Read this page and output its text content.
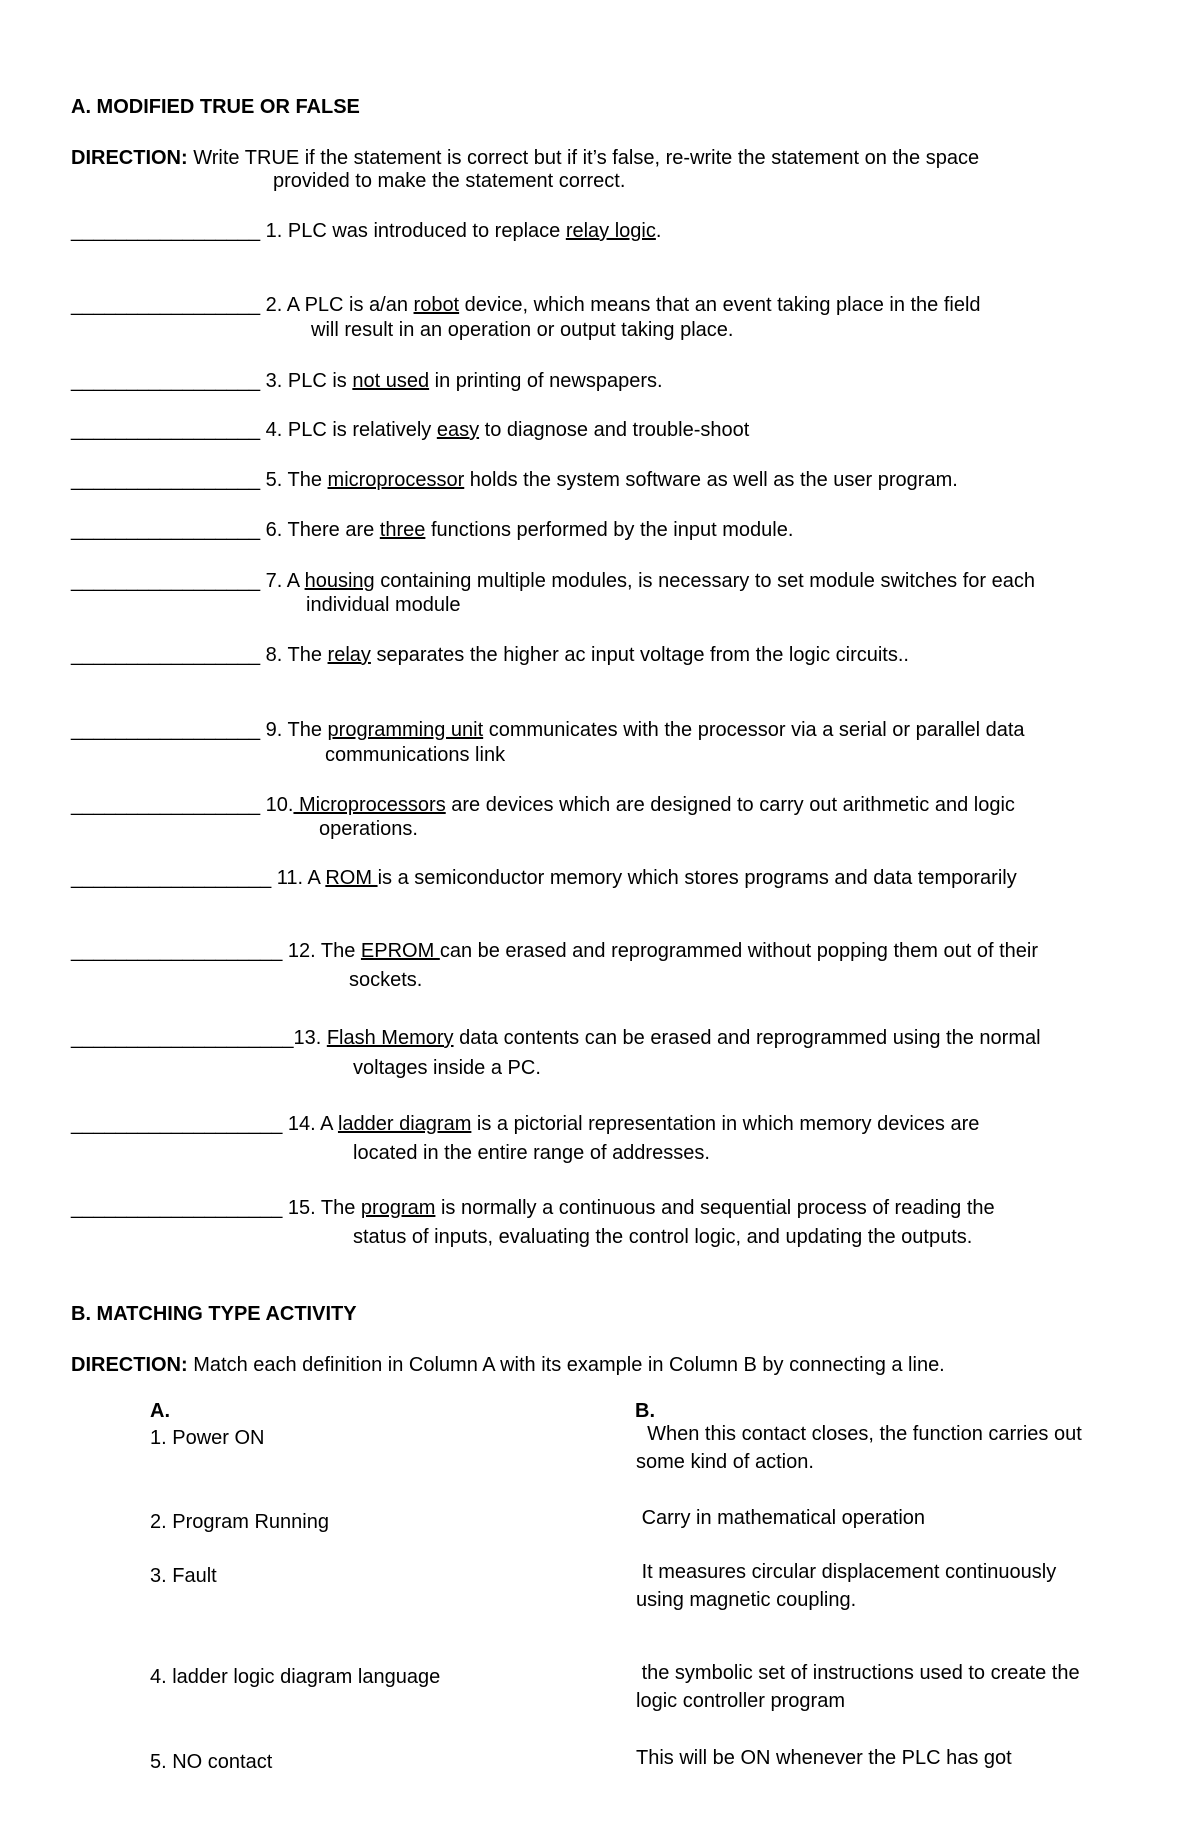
A. MODIFIED TRUE OR FALSE
DIRECTION: Write TRUE if the statement is correct but if it’s false, re-write the statement on the space
provided to make the statement correct.
_________________ 1. PLC was introduced to replace relay logic.
_________________ 2. A PLC is a/an robot device, which means that an event taking place in the field
will result in an operation or output taking place.
_________________ 3. PLC is not used in printing of newspapers.
_________________ 4. PLC is relatively easy to diagnose and trouble-shoot
_________________ 5. The microprocessor holds the system software as well as the user program.
_________________ 6. There are three functions performed by the input module.
_________________ 7. A housing containing multiple modules, is necessary to set module switches for each
individual module
_________________ 8. The relay separates the higher ac input voltage from the logic circuits..
_________________ 9. The programming unit communicates with the processor via a serial or parallel data
communications link
_________________ 10. Microprocessors are devices which are designed to carry out arithmetic and logic
operations.
__________________ 11. A ROM is a semiconductor memory which stores programs and data temporarily
___________________ 12. The EPROM can be erased and reprogrammed without popping them out of their
sockets.
____________________13. Flash Memory data contents can be erased and reprogrammed using the normal
voltages inside a PC.
___________________ 14. A ladder diagram is a pictorial representation in which memory devices are
located in the entire range of addresses.
___________________ 15. The program is normally a continuous and sequential process of reading the
status of inputs, evaluating the control logic, and updating the outputs.
B. MATCHING TYPE ACTIVITY
DIRECTION: Match each definition in Column A with its example in Column B by connecting a line.
A.	B.
1. Power ON
2. Program Running
3. Fault
4. ladder logic diagram language
5. NO contact
When this contact closes, the function carries out some kind of action.
Carry in mathematical operation
It measures circular displacement continuously using magnetic coupling.
the symbolic set of instructions used to create the logic controller program
This will be ON whenever the PLC has got
